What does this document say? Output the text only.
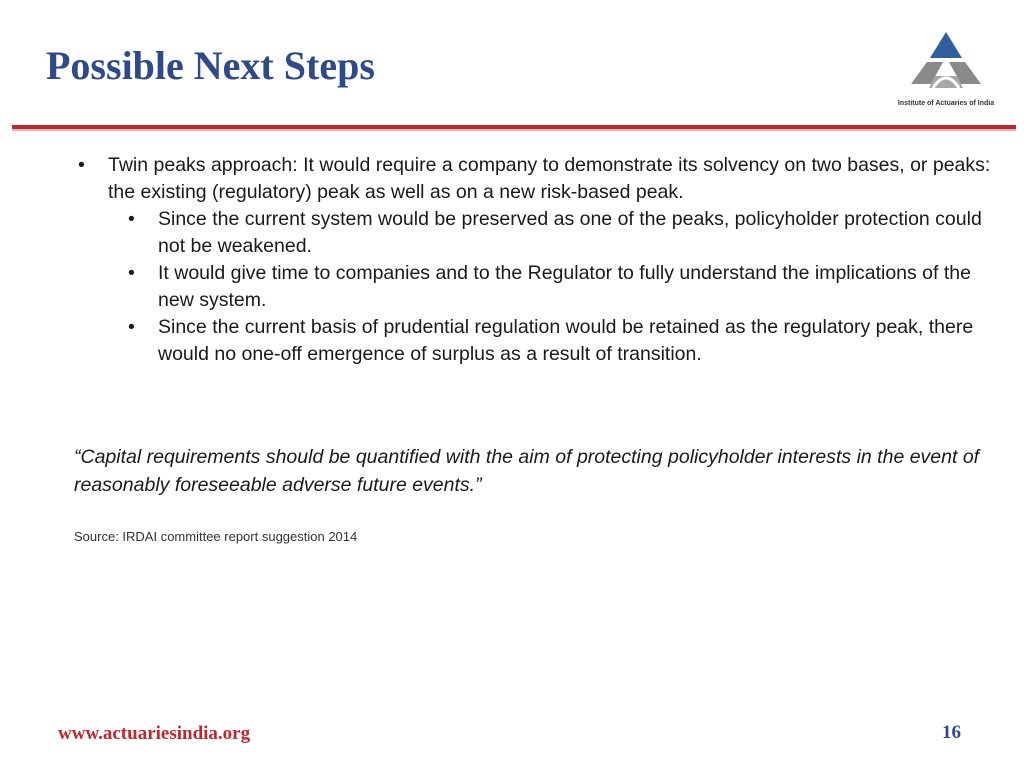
Possible Next Steps
Institute of Actuaries of India

• Twin peaks approach: It would require a company to demonstrate its solvency on two bases, or peaks: the existing (regulatory) peak as well as on a new risk-based peak.

• Since the current system would be preserved as one of the peaks, policyholder protection could not be weakened.

• It would give time to companies and to the Regulator to fully understand the implications of the new system.

• Since the current basis of prudential regulation would be retained as the regulatory peak, there would no one-off emergence of surplus as a result of transition.

“Capital requirements should be quantified with the aim of protecting policyholder interests in the event of reasonably foreseeable adverse future events.”

Source: IRDAI committee report suggestion 2014

www.actuariesindia.org	16
